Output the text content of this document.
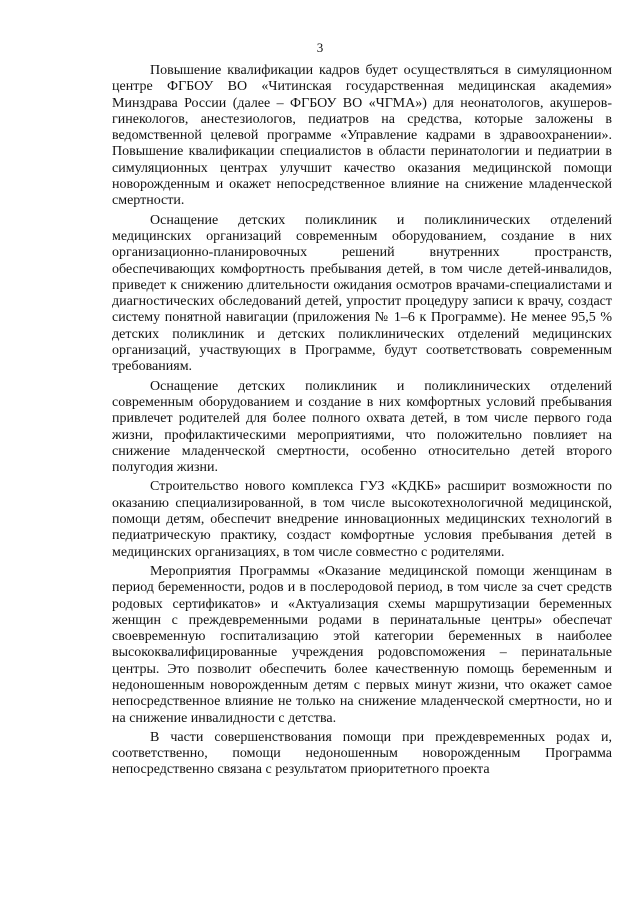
3

Повышение квалификации кадров будет осуществляться в симуляционном центре ФГБОУ ВО «Читинская государственная медицинская академия» Минздрава России (далее – ФГБОУ ВО «ЧГМА») для неонатологов, акушеров-гинекологов, анестезиологов, педиатров на средства, которые заложены в ведомственной целевой программе «Управление кадрами в здравоохранении». Повышение квалификации специалистов в области перинатологии и педиатрии в симуляционных центрах улучшит качество оказания медицинской помощи новорожденным и окажет непосредственное влияние на снижение младенческой смертности.

Оснащение детских поликлиник и поликлинических отделений медицинских организаций современным оборудованием, создание в них организационно-планировочных решений внутренних пространств, обеспечивающих комфортность пребывания детей, в том числе детей-инвалидов, приведет к снижению длительности ожидания осмотров врачами-специалистами и диагностических обследований детей, упростит процедуру записи к врачу, создаст систему понятной навигации (приложения № 1–6 к Программе). Не менее 95,5 % детских поликлиник и детских поликлинических отделений медицинских организаций, участвующих в Программе, будут соответствовать современным требованиям.

Оснащение детских поликлиник и поликлинических отделений современным оборудованием и создание в них комфортных условий пребывания привлечет родителей для более полного охвата детей, в том числе первого года жизни, профилактическими мероприятиями, что положительно повлияет на снижение младенческой смертности, особенно относительно детей второго полугодия жизни.

Строительство нового комплекса ГУЗ «КДКБ» расширит возможности по оказанию специализированной, в том числе высокотехнологичной медицинской, помощи детям, обеспечит внедрение инновационных медицинских технологий в педиатрическую практику, создаст комфортные условия пребывания детей в медицинских организациях, в том числе совместно с родителями.

Мероприятия Программы «Оказание медицинской помощи женщинам в период беременности, родов и в послеродовой период, в том числе за счет средств родовых сертификатов» и «Актуализация схемы маршрутизации беременных женщин с преждевременными родами в перинатальные центры» обеспечат своевременную госпитализацию этой категории беременных в наиболее высококвалифицированные учреждения родовспоможения – перинатальные центры. Это позволит обеспечить более качественную помощь беременным и недоношенным новорожденным детям с первых минут жизни, что окажет самое непосредственное влияние не только на снижение младенческой смертности, но и на снижение инвалидности с детства.

В части совершенствования помощи при преждевременных родах и, соответственно, помощи недоношенным новорожденным Программа непосредственно связана с результатом приоритетного проекта
